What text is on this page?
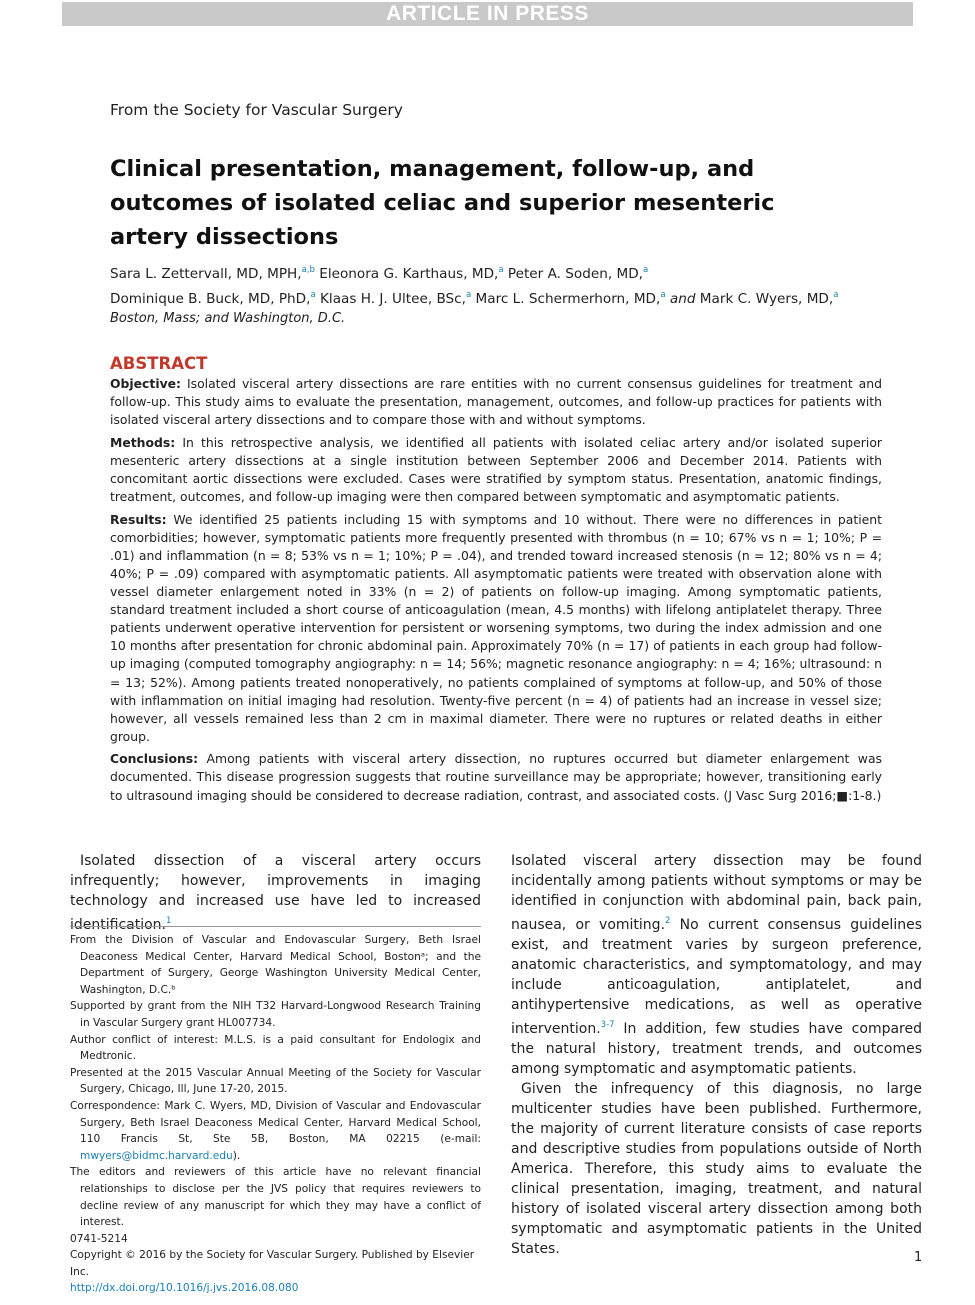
ARTICLE IN PRESS
From the Society for Vascular Surgery
Clinical presentation, management, follow-up, and
outcomes of isolated celiac and superior mesenteric
artery dissections
Sara L. Zettervall, MD, MPH,$^{a,b}$ Eleonora G. Karthaus, MD,$^a$ Peter A. Soden, MD,$^a$
Dominique B. Buck, MD, PhD,$^a$ Klaas H. J. Ultee, BSc,$^a$ Marc L. Schermerhorn, MD,$^a$ and Mark C. Wyers, MD,$^a$
Boston, Mass; and Washington, D.C.
ABSTRACT

Objective: Isolated visceral artery dissections are rare entities with no current consensus guidelines for treatment and follow-up. This study aims to evaluate the presentation, management, outcomes, and follow-up practices for patients with isolated visceral artery dissections and to compare those with and without symptoms.

Methods: In this retrospective analysis, we identified all patients with isolated celiac artery and/or isolated superior mesenteric artery dissections at a single institution between September 2006 and December 2014. Patients with concomitant aortic dissections were excluded. Cases were stratified by symptom status. Presentation, anatomic findings, treatment, outcomes, and follow-up imaging were then compared between symptomatic and asymptomatic patients.

Results: We identified 25 patients including 15 with symptoms and 10 without. There were no differences in patient comorbidities; however, symptomatic patients more frequently presented with thrombus (n = 10; 67% vs n = 1; 10%; P = .01) and inflammation (n = 8; 53% vs n = 1; 10%; P = .04), and trended toward increased stenosis (n = 12; 80% vs n = 4; 40%; P = .09) compared with asymptomatic patients. All asymptomatic patients were treated with observation alone with vessel diameter enlargement noted in 33% (n = 2) of patients on follow-up imaging. Among symptomatic patients, standard treatment included a short course of anticoagulation (mean, 4.5 months) with lifelong antiplatelet therapy. Three patients underwent operative intervention for persistent or worsening symptoms, two during the index admission and one 10 months after presentation for chronic abdominal pain. Approximately 70% (n = 17) of patients in each group had follow-up imaging (computed tomography angiography: n = 14; 56%; magnetic resonance angiography: n = 4; 16%; ultrasound: n = 13; 52%). Among patients treated nonoperatively, no patients complained of symptoms at follow-up, and 50% of those with inflammation on initial imaging had resolution. Twenty-five percent (n = 4) of patients had an increase in vessel size; however, all vessels remained less than 2 cm in maximal diameter. There were no ruptures or related deaths in either group.

Conclusions: Among patients with visceral artery dissection, no ruptures occurred but diameter enlargement was documented. This disease progression suggests that routine surveillance may be appropriate; however, transitioning early to ultrasound imaging should be considered to decrease radiation, contrast, and associated costs. (J Vasc Surg 2016;■:1-8.)

Isolated dissection of a visceral artery occurs infrequently; however, improvements in imaging technology and increased use have led to increased identification.$^1$

From the Division of Vascular and Endovascular Surgery, Beth Israel Deaconess Medical Center, Harvard Medical School, Bostonᵃ; and the Department of Surgery, George Washington University Medical Center, Washington, D.C.ᵇ
Supported by grant from the NIH T32 Harvard-Longwood Research Training in Vascular Surgery grant HL007734.
Author conflict of interest: M.L.S. is a paid consultant for Endologix and Medtronic.
Presented at the 2015 Vascular Annual Meeting of the Society for Vascular Surgery, Chicago, Ill, June 17-20, 2015.
Correspondence: Mark C. Wyers, MD, Division of Vascular and Endovascular Surgery, Beth Israel Deaconess Medical Center, Harvard Medical School, 110 Francis St, Ste 5B, Boston, MA 02215 (e-mail: mwyers@bidmc.harvard.edu).
The editors and reviewers of this article have no relevant financial relationships to disclose per the JVS policy that requires reviewers to decline review of any manuscript for which they may have a conflict of interest.
0741-5214
Copyright © 2016 by the Society for Vascular Surgery. Published by Elsevier Inc.
http://dx.doi.org/10.1016/j.jvs.2016.08.080

Isolated visceral artery dissection may be found incidentally among patients without symptoms or may be identified in conjunction with abdominal pain, back pain, nausea, or vomiting.$^2$ No current consensus guidelines exist, and treatment varies by surgeon preference, anatomic characteristics, and symptomatology, and may include anticoagulation, antiplatelet, and antihypertensive medications, as well as operative intervention.$^{3-7}$ In addition, few studies have compared the natural history, treatment trends, and outcomes among symptomatic and asymptomatic patients.

Given the infrequency of this diagnosis, no large multicenter studies have been published. Furthermore, the majority of current literature consists of case reports and descriptive studies from populations outside of North America. Therefore, this study aims to evaluate the clinical presentation, imaging, treatment, and natural history of isolated visceral artery dissection among both symptomatic and asymptomatic patients in the United States.

1
